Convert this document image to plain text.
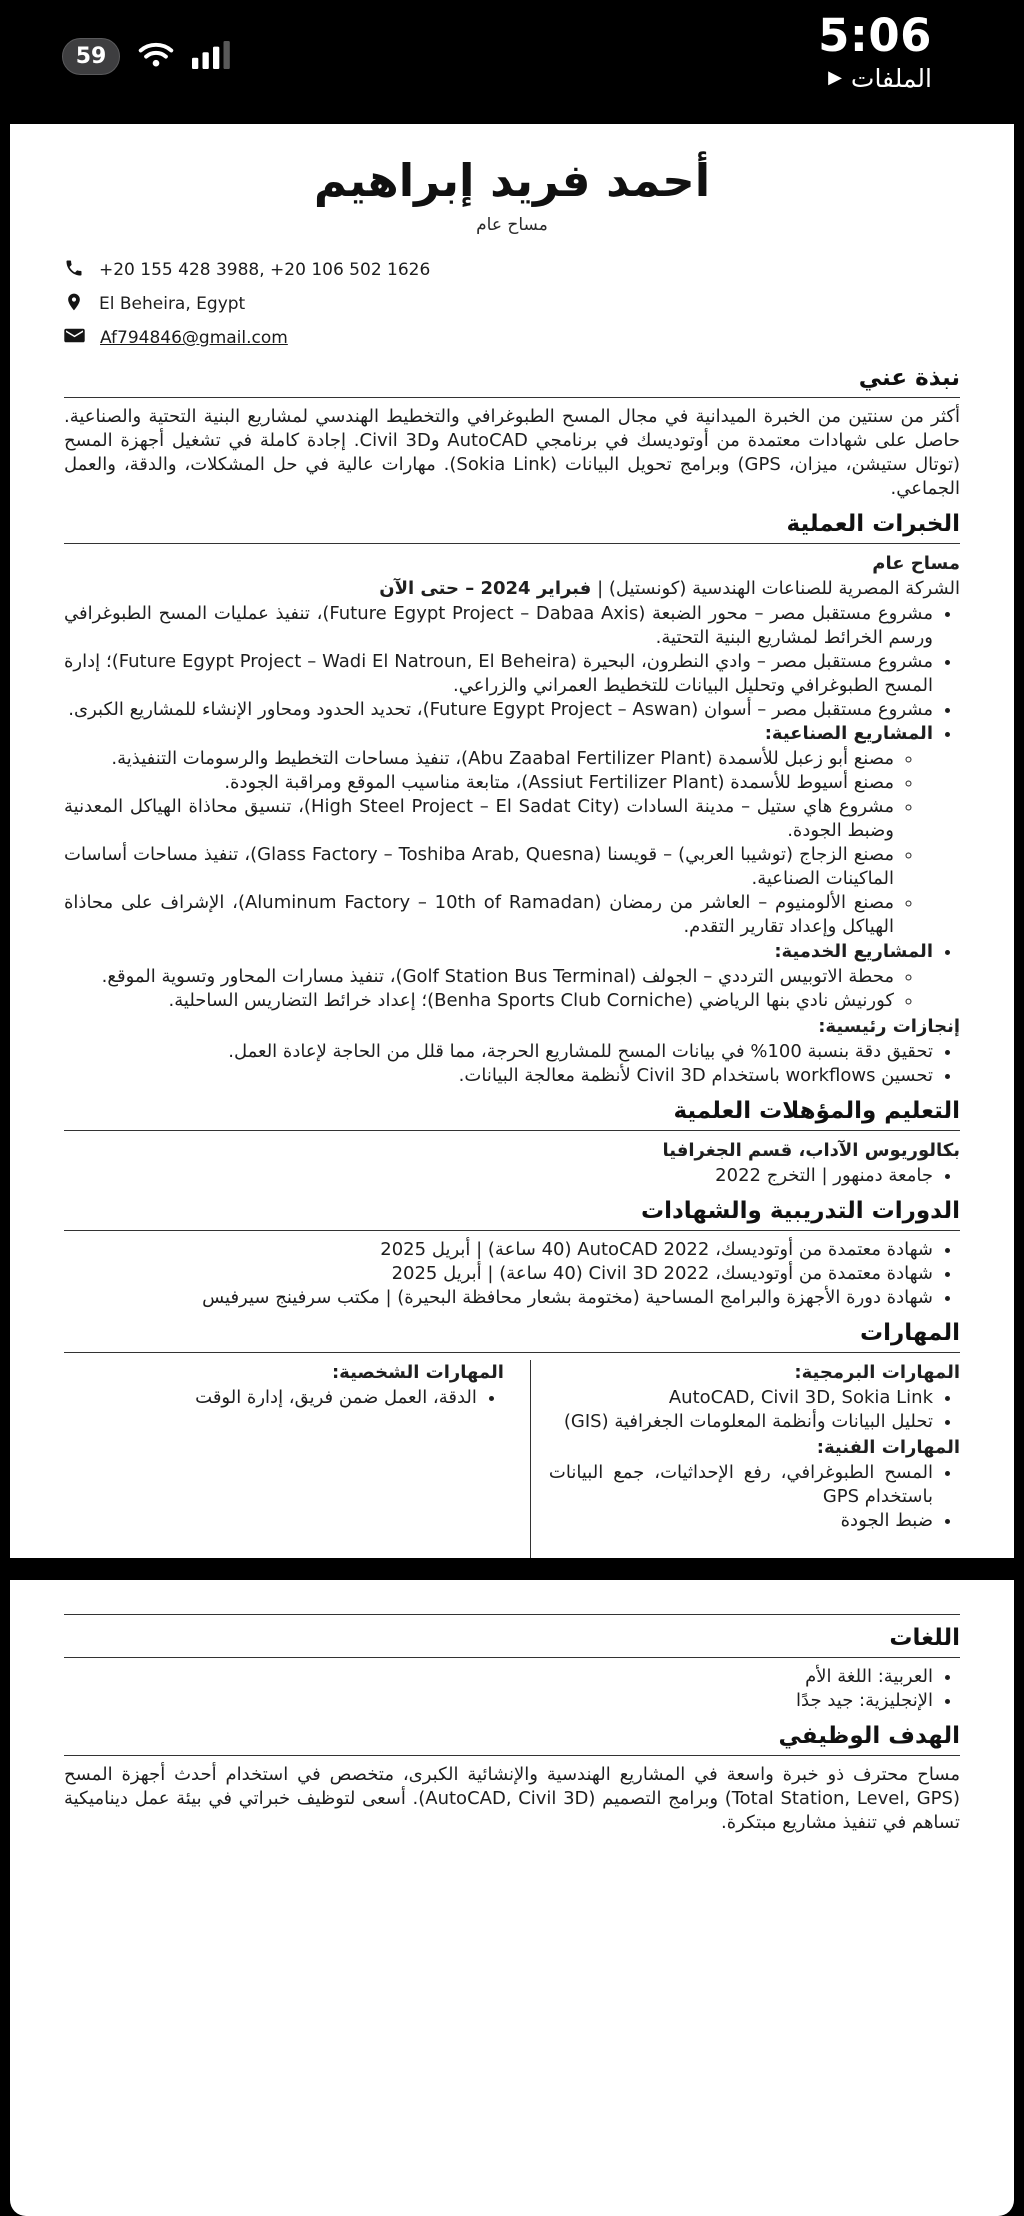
59	5:06
▶ الملفات
أحمد فريد إبراهيم
مساح عام
+20 155 428 3988, +20 106 502 1626
El Beheira, Egypt
Af794846@gmail.com
نبذة عني

أكثر من سنتين من الخبرة الميدانية في مجال المسح الطبوغرافي والتخطيط الهندسي لمشاريع البنية التحتية والصناعية. حاصل على شهادات معتمدة من أوتوديسك في برنامجي AutoCAD وCivil 3D. إجادة كاملة في تشغيل أجهزة المسح (توتال ستيشن، ميزان، GPS) وبرامج تحويل البيانات (Sokia Link). مهارات عالية في حل المشكلات، والدقة، والعمل الجماعي.

الخبرات العملية
مساح عام
الشركة المصرية للصناعات الهندسية (كونستيل) | فبراير 2024 – حتى الآن
• مشروع مستقبل مصر – محور الضبعة (Future Egypt Project – Dabaa Axis)، تنفيذ عمليات المسح الطبوغرافي ورسم الخرائط لمشاريع البنية التحتية.
• مشروع مستقبل مصر – وادي النطرون، البحيرة (Future Egypt Project – Wadi El Natroun, El Beheira)؛ إدارة المسح الطبوغرافي وتحليل البيانات للتخطيط العمراني والزراعي.
• مشروع مستقبل مصر – أسوان (Future Egypt Project – Aswan)، تحديد الحدود ومحاور الإنشاء للمشاريع الكبرى.
• المشاريع الصناعية:
◦ مصنع أبو زعبل للأسمدة (Abu Zaabal Fertilizer Plant)، تنفيذ مساحات التخطيط والرسومات التنفيذية.
◦ مصنع أسيوط للأسمدة (Assiut Fertilizer Plant)، متابعة مناسيب الموقع ومراقبة الجودة.
◦ مشروع هاي ستيل – مدينة السادات (High Steel Project – El Sadat City)، تنسيق محاذاة الهياكل المعدنية وضبط الجودة.
◦ مصنع الزجاج (توشيبا العربي) – قويسنا (Glass Factory – Toshiba Arab, Quesna)، تنفيذ مساحات أساسات الماكينات الصناعية.
◦ مصنع الألومنيوم – العاشر من رمضان (Aluminum Factory – 10th of Ramadan)، الإشراف على محاذاة الهياكل وإعداد تقارير التقدم.
• المشاريع الخدمية:
◦ محطة الاتوبيس الترددي – الجولف (Golf Station Bus Terminal)، تنفيذ مسارات المحاور وتسوية الموقع.
◦ كورنيش نادي بنها الرياضي (Benha Sports Club Corniche)؛ إعداد خرائط التضاريس الساحلية.
إنجازات رئيسية:
• تحقيق دقة بنسبة 100% في بيانات المسح للمشاريع الحرجة، مما قلل من الحاجة لإعادة العمل.
• تحسين workflows باستخدام Civil 3D لأنظمة معالجة البيانات.
التعليم والمؤهلات العلمية
بكالوريوس الآداب، قسم الجغرافيا
• جامعة دمنهور | التخرج 2022
الدورات التدريبية والشهادات
• شهادة معتمدة من أوتوديسك، AutoCAD 2022 (40 ساعة) | أبريل 2025
• شهادة معتمدة من أوتوديسك، Civil 3D 2022 (40 ساعة) | أبريل 2025
• شهادة دورة الأجهزة والبرامج المساحية (مختومة بشعار محافظة البحيرة) | مكتب سرفينج سيرفيس
المهارات
المهارات البرمجية:
• AutoCAD, Civil 3D, Sokia Link
• تحليل البيانات وأنظمة المعلومات الجغرافية (GIS)
المهارات الفنية:
• المسح الطبوغرافي، رفع الإحداثيات، جمع البيانات باستخدام GPS
• ضبط الجودة
المهارات الشخصية:
• الدقة، العمل ضمن فريق، إدارة الوقت
اللغات
• العربية: اللغة الأم
• الإنجليزية: جيد جدًا
الهدف الوظيفي

مساح محترف ذو خبرة واسعة في المشاريع الهندسية والإنشائية الكبرى، متخصص في استخدام أحدث أجهزة المسح (Total Station, Level, GPS) وبرامج التصميم (AutoCAD, Civil 3D). أسعى لتوظيف خبراتي في بيئة عمل ديناميكية تساهم في تنفيذ مشاريع مبتكرة.
